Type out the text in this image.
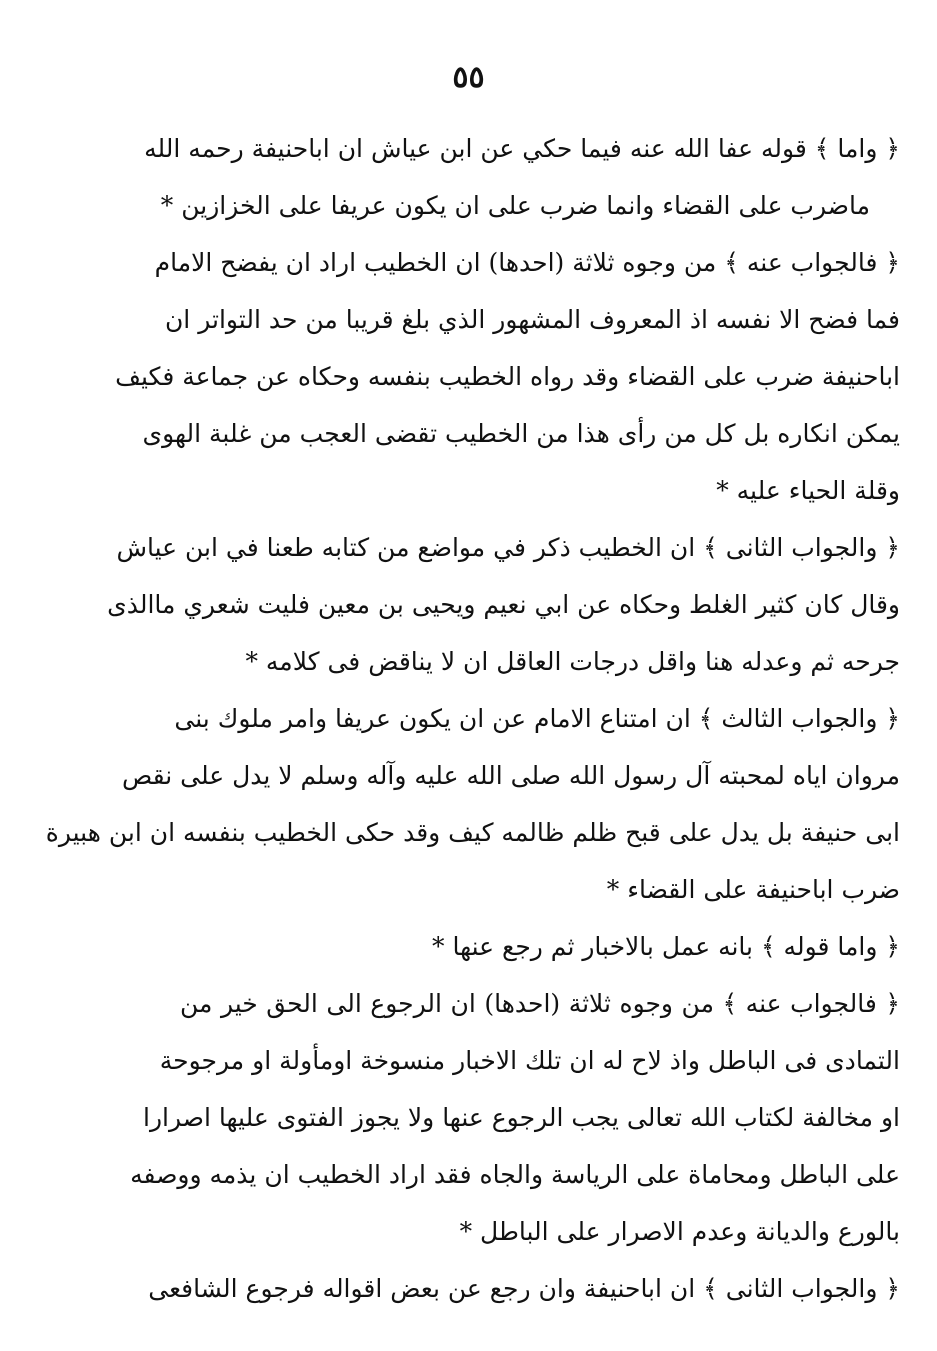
٥٥
﴿ واما ﴾ قوله عفا الله عنه فيما حكي عن ابن عياش ان اباحنيفة رحمه الله
ماضرب على القضاء وانما ضرب على ان يكون عريفا على الخزازين *
﴿ فالجواب عنه ﴾ من وجوه ثلاثة (احدها) ان الخطيب اراد ان يفضح الامام
فما فضح الا نفسه اذ المعروف المشهور الذي بلغ قريبا من حد التواتر ان
اباحنيفة ضرب على القضاء وقد رواه الخطيب بنفسه وحكاه عن جماعة فكيف
يمكن انكاره بل كل من رأى هذا من الخطيب تقضى العجب من غلبة الهوى
وقلة الحياء عليه *
﴿ والجواب الثانى ﴾ ان الخطيب ذكر في مواضع من كتابه طعنا في ابن عياش
وقال كان كثير الغلط وحكاه عن ابي نعيم ويحيى بن معين فليت شعري ماالذى
جرحه ثم وعدله هنا واقل درجات العاقل ان لا يناقض فى كلامه *
﴿ والجواب الثالث ﴾ ان امتناع الامام عن ان يكون عريفا وامر ملوك بنى
مروان اياه لمحبته آل رسول الله صلى الله عليه وآله وسلم لا يدل على نقص
ابى حنيفة بل يدل على قبح ظلم ظالمه كيف وقد حكى الخطيب بنفسه ان ابن هبيرة
ضرب اباحنيفة على القضاء *
﴿ واما قوله ﴾ بانه عمل بالاخبار ثم رجع عنها *
﴿ فالجواب عنه ﴾ من وجوه ثلاثة (احدها) ان الرجوع الى الحق خير من
التمادى فى الباطل واذ لاح له ان تلك الاخبار منسوخة اومأولة او مرجوحة
او مخالفة لكتاب الله تعالى يجب الرجوع عنها ولا يجوز الفتوى عليها اصرارا
على الباطل ومحاماة على الرياسة والجاه فقد اراد الخطيب ان يذمه ووصفه
بالورع والديانة وعدم الاصرار على الباطل *
﴿ والجواب الثانى ﴾ ان اباحنيفة وان رجع عن بعض اقواله فرجوع الشافعى
